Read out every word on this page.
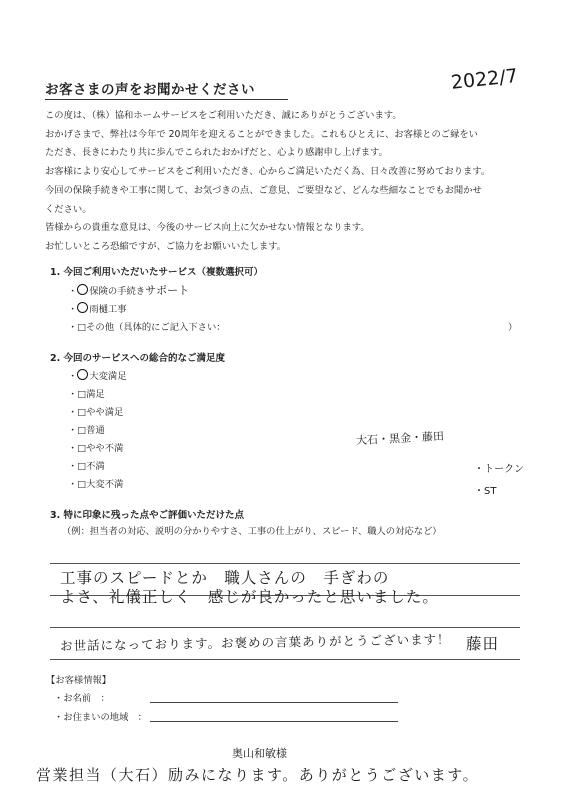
お客さまの声をお聞かせください	2022/7

この度は、（株）協和ホームサービスをご利用いただき、誠にありがとうございます。

おかげさまで、弊社は今年で 20周年を迎えることができました。これもひとえに、お客様とのご縁をい

ただき、長きにわたり共に歩んでこられたおかげだと、心より感謝申し上げます。

お客様により安心してサービスをご利用いただき、心からご満足いただく為、日々改善に努めております。

今回の保険手続きや工事に関して、お気づきの点、ご意見、ご要望など、どんな些細なことでもお聞かせ

ください。

皆様からの貴重な意見は、今後のサービス向上に欠かせない情報となります。

お忙しいところ恐縮ですが、ご協力をお願いいたします。

1. 今回ご利用いただいたサービス（複数選択可）
・ 保険の手続きサポート
・ 雨樋工事
・□その他（具体的にご記入下さい：	）
2. 今回のサービスへの総合的なご満足度
・ 大変満足
・□満足
・□やや満足
・□普通
・□やや不満
・□不満
・□大変不満
大石・黒金・藤田
・トークン
・ST
3. 特に印象に残った点やご評価いただけた点
（例：担当者の対応、説明の分かりやすさ、工事の仕上がり、スピード、職人の対応など）
工事のスピードとか　職人さんの　手ぎわの
よさ、礼儀正しく　感じが良かったと思いました。
お世話になっております。お褒めの言葉ありがとうございます！ 藤田
【お客様情報】
・お名前　：
・お住まいの地域　：
奥山和敏様
営業担当（大石）励みになります。ありがとうございます。
